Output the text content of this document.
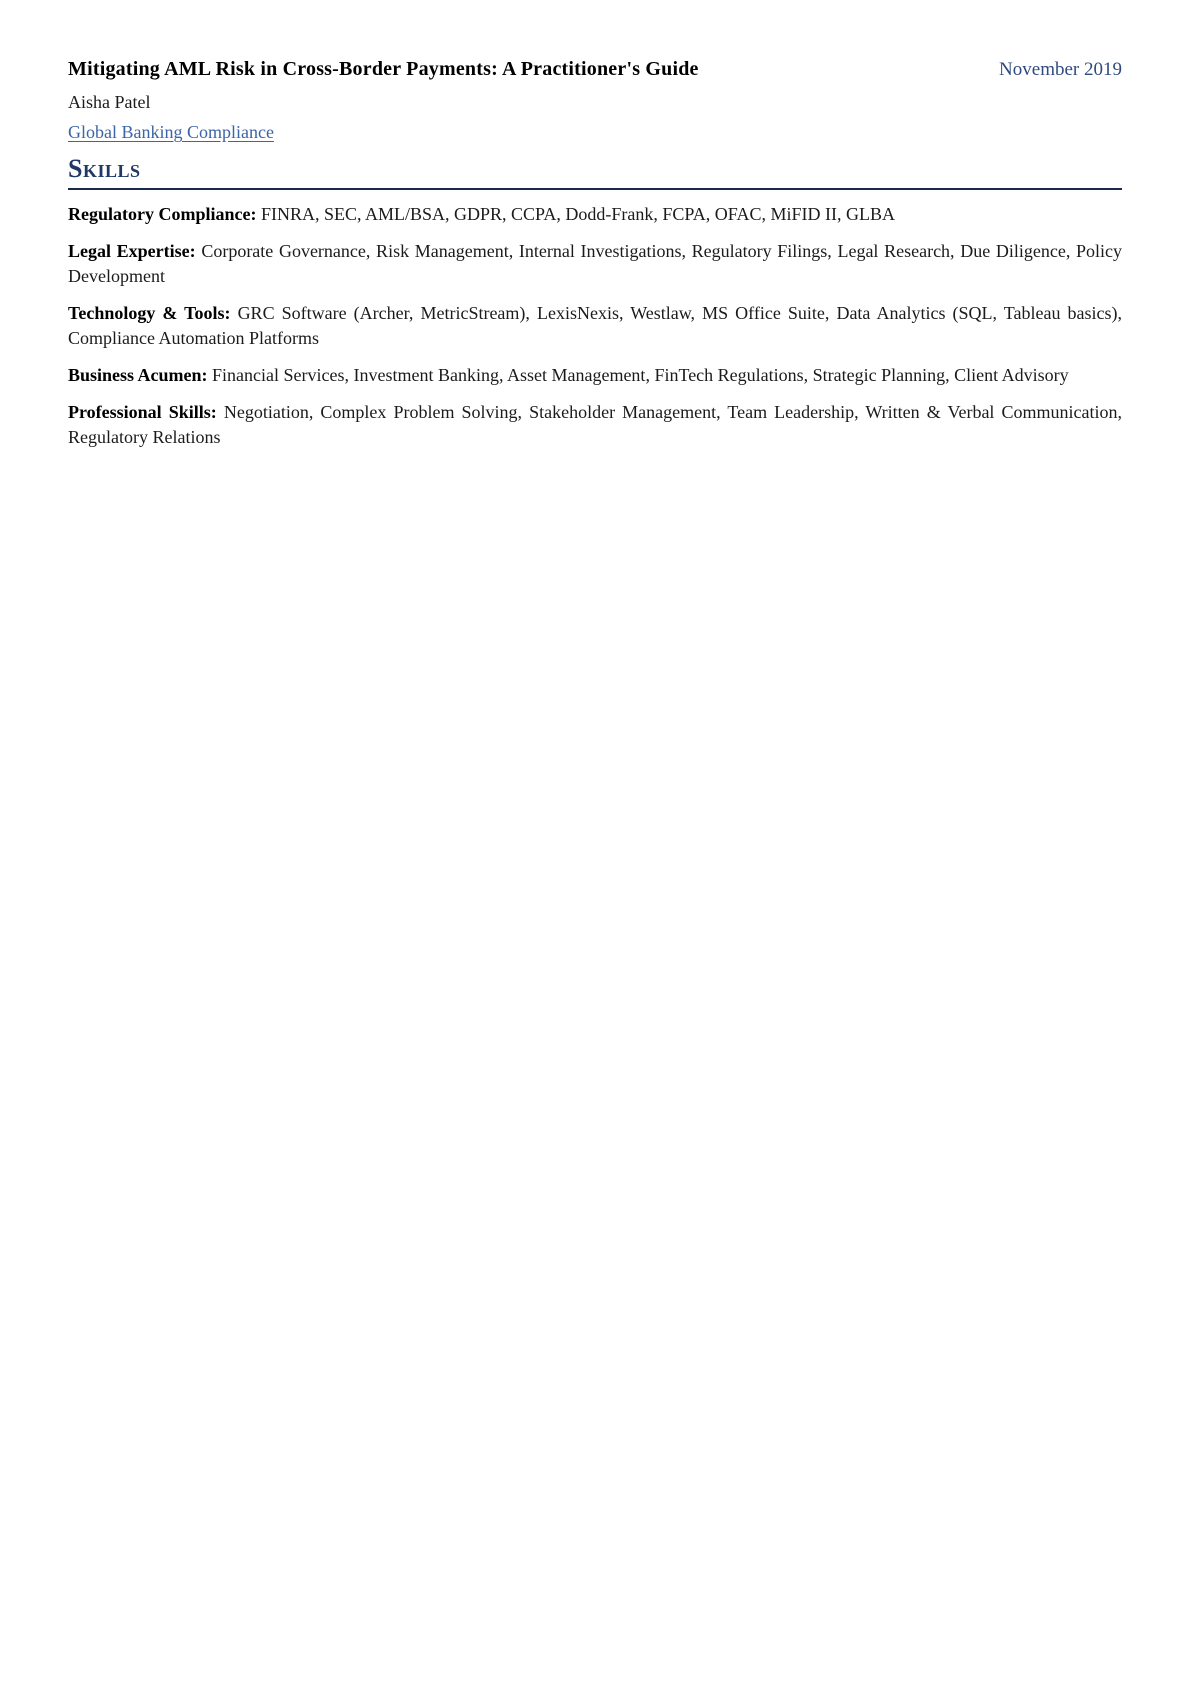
Mitigating AML Risk in Cross-Border Payments: A Practitioner's Guide	November 2019
Aisha Patel
Global Banking Compliance
Skills

Regulatory Compliance: FINRA, SEC, AML/BSA, GDPR, CCPA, Dodd-Frank, FCPA, OFAC, MiFID II, GLBA

Legal Expertise: Corporate Governance, Risk Management, Internal Investigations, Regulatory Filings, Legal Research, Due Diligence, Policy Development

Technology & Tools: GRC Software (Archer, MetricStream), LexisNexis, Westlaw, MS Office Suite, Data Analytics (SQL, Tableau basics), Compliance Automation Platforms

Business Acumen: Financial Services, Investment Banking, Asset Management, FinTech Regulations, Strategic Planning, Client Advisory

Professional Skills: Negotiation, Complex Problem Solving, Stakeholder Management, Team Leadership, Written & Verbal Communication, Regulatory Relations
